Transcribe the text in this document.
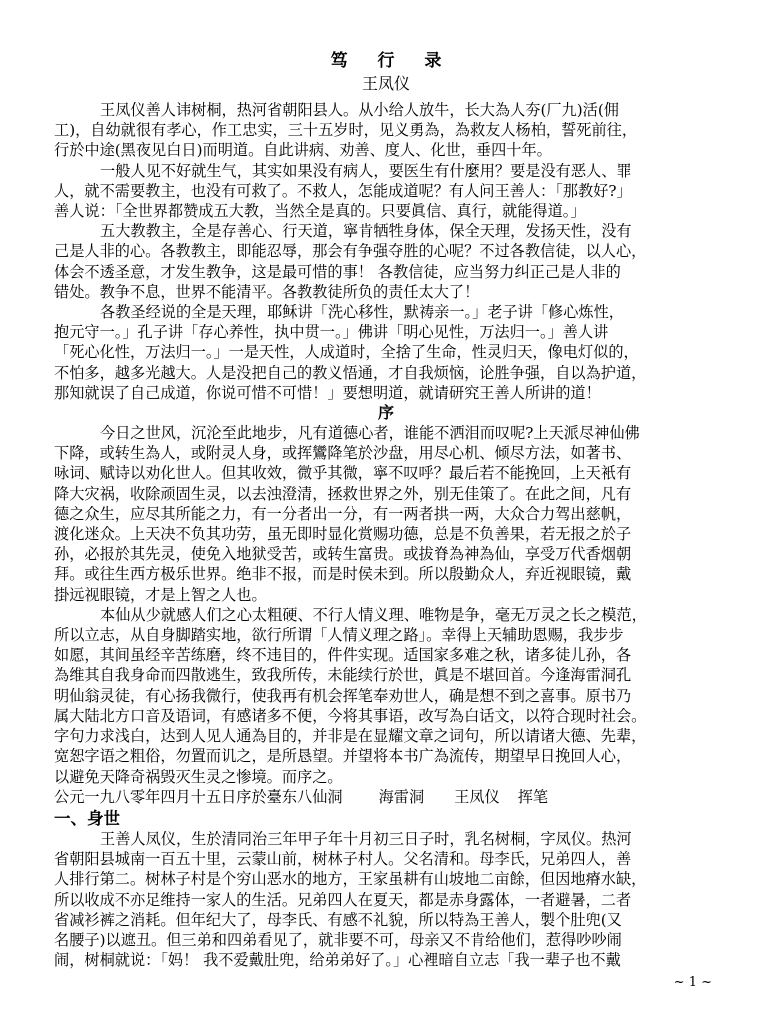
笃 行 录
王凤仪

王凤仪善人讳树桐，热河省朝阳县人。从小给人放牛，长大為人夯(厂九)活(佣
工)，自幼就很有孝心，作工忠实，三十五岁时，见义勇為，為救友人杨柏，誓死前往，
行於中途(黑夜见白日)而明道。自此讲病、劝善、度人、化世，垂四十年。

一般人见不好就生气，其实如果没有病人，要医生有什麼用？要是没有恶人、罪
人，就不需要教主，也没有可救了。不救人，怎能成道呢？有人问王善人：「那教好?」
善人说：「全世界都赞成五大教，当然全是真的。只要眞信、真行，就能得道。」

五大教教主，全是存善心、行天道，寧肯牺牲身体，保全天理，发扬天性，没有
己是人非的心。各教教主，即能忍辱，那会有争强夺胜的心呢？不过各教信徒，以人心，
体会不透圣意，才发生教争，这是最可惜的事！ 各教信徒，应当努力纠正己是人非的
错处。教争不息，世界不能清平。各教教徒所负的责任太大了！

各教圣经说的全是天理，耶稣讲「洗心移性，默祷亲一。」老子讲「修心炼性，
抱元守一。」孔子讲「存心养性，执中贯一。」佛讲「明心见性，万法归一。」善人讲
「死心化性，万法归一。」一是天性，人成道时，全捨了生命，性灵归天，像电灯似的，
不怕多，越多光越大。人是没把自己的教义悟通，才自我烦恼，论胜争强，自以為护道，
那知就误了自己成道，你说可惜不可惜！」要想明道，就请研究王善人所讲的道！

序

今日之世风，沉沦至此地步，凡有道德心者，谁能不洒泪而叹呢?上天派尽神仙佛
下降，或转生為人，或附灵人身，或挥鸞降笔於沙盘，用尽心机、倾尽方法，如著书、
咏词、赋诗以劝化世人。但其收效，微乎其微，寧不叹呼？最后若不能挽回，上天衹有
降大灾祸，收除顽固生灵，以去浊澄清，拯救世界之外，别无佳策了。在此之间，凡有
德之众生，应尽其所能之力，有一分者出一分，有一两者拱一两，大众合力驾出慈帆，
渡化迷众。上天决不负其功劳，虽无即时显化赏赐功德，总是不负善果，若无报之於子
孙，必报於其先灵，使免入地狱受苦，或转生富贵。或拔脊為神為仙，享受万代香烟朝
拜。或往生西方极乐世界。绝非不报，而是时侯未到。所以殷勤众人，弃近视眼镜，戴
掛远视眼镜，才是上智之人也。

本仙从少就感人们之心太粗硬、不行人情义理、唯物是争，毫无万灵之长之模范，
所以立志，从自身脚踏实地，欲行所谓「人情义理之路」。幸得上天辅助恩赐，我步步
如愿，其间虽经辛苦练磨，终不违目的，件件实现。适国家多难之秋，诸多徒儿孙，各
為维其自我身命而四散逃生，致我所传，未能续行於世，眞是不堪回首。今逢海雷洞孔
明仙翁灵徒，有心扬我微行，使我再有机会挥笔奉劝世人，确是想不到之喜事。原书乃
属大陆北方口音及语词，有感诸多不便，今将其事语，改写為白话文，以符合现时社会。
字句力求浅白，达到人见人通為目的，并非是在显耀文章之词句，所以请诸大德、先辈，
宽恕字语之粗俗，勿置而讥之，是所恳望。并望将本书广為流传，期望早日挽回人心，
以避免天降奇祸毁灭生灵之惨境。而序之。

公元一九八零年四月十五日序於臺东八仙洞 海雷洞 王凤仪 挥笔
一、身世

王善人凤仪，生於清同治三年甲子年十月初三日子时，乳名树桐，字凤仪。热河
省朝阳县城南一百五十里，云蒙山前，树林子村人。父名清和。母李氏，兄弟四人，善
人排行第二。树林子村是个穷山恶水的地方，王家虽耕有山坡地二亩餘，但因地瘠水缺，
所以收成不亦足维持一家人的生活。兄弟四人在夏天，都是赤身露体，一者避暑，二者
省减衫裤之消耗。但年纪大了，母李氏、有感不礼貌，所以特為王善人，製个肚兜(又
名腰子)以遮丑。但三弟和四弟看见了，就非要不可，母亲又不肯给他们，惹得吵吵闹
闹，树桐就说：「妈！ 我不爱戴肚兜，给弟弟好了。」心裡暗自立志「我一辈子也不戴

~ 1 ~
